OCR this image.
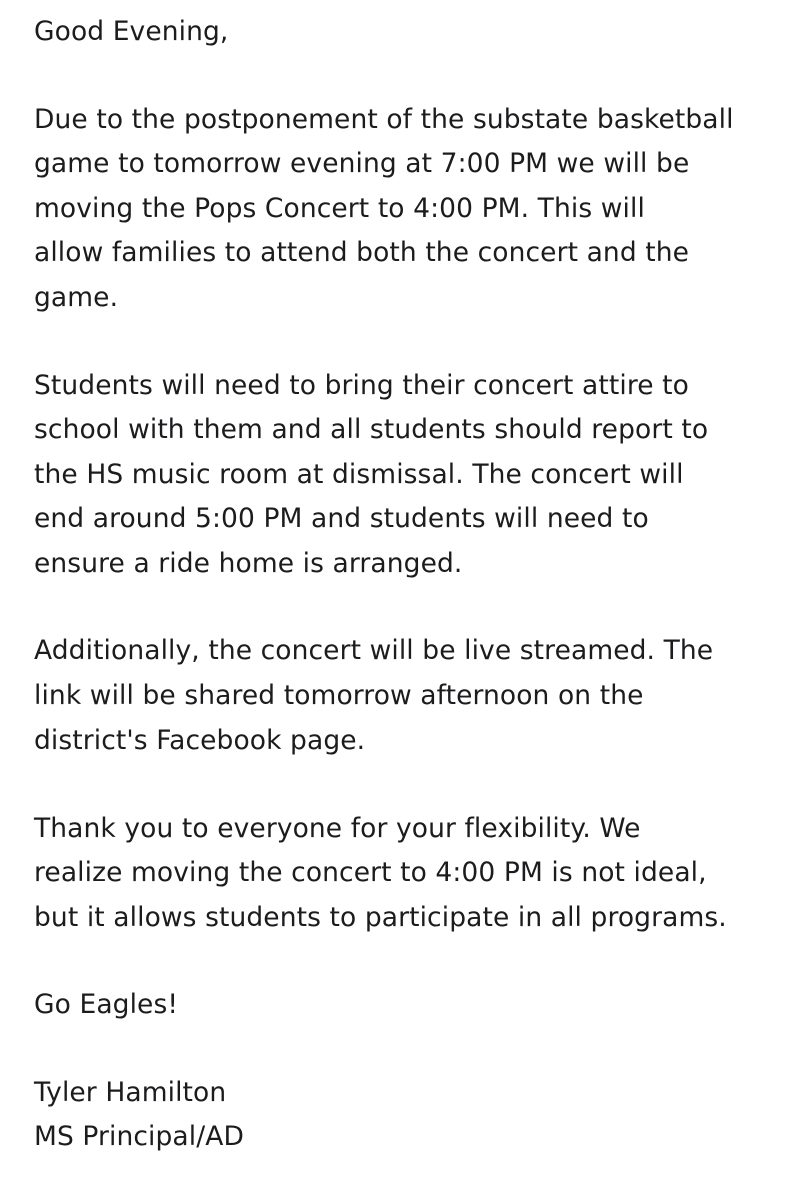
Good Evening,
Due to the postponement of the substate basketball
game to tomorrow evening at 7:00 PM we will be
moving the Pops Concert to 4:00 PM. This will
allow families to attend both the concert and the
game.
Students will need to bring their concert attire to
school with them and all students should report to
the HS music room at dismissal. The concert will
end around 5:00 PM and students will need to
ensure a ride home is arranged.
Additionally, the concert will be live streamed. The
link will be shared tomorrow afternoon on the
district's Facebook page.
Thank you to everyone for your flexibility. We
realize moving the concert to 4:00 PM is not ideal,
but it allows students to participate in all programs.
Go Eagles!
Tyler Hamilton
MS Principal/AD
